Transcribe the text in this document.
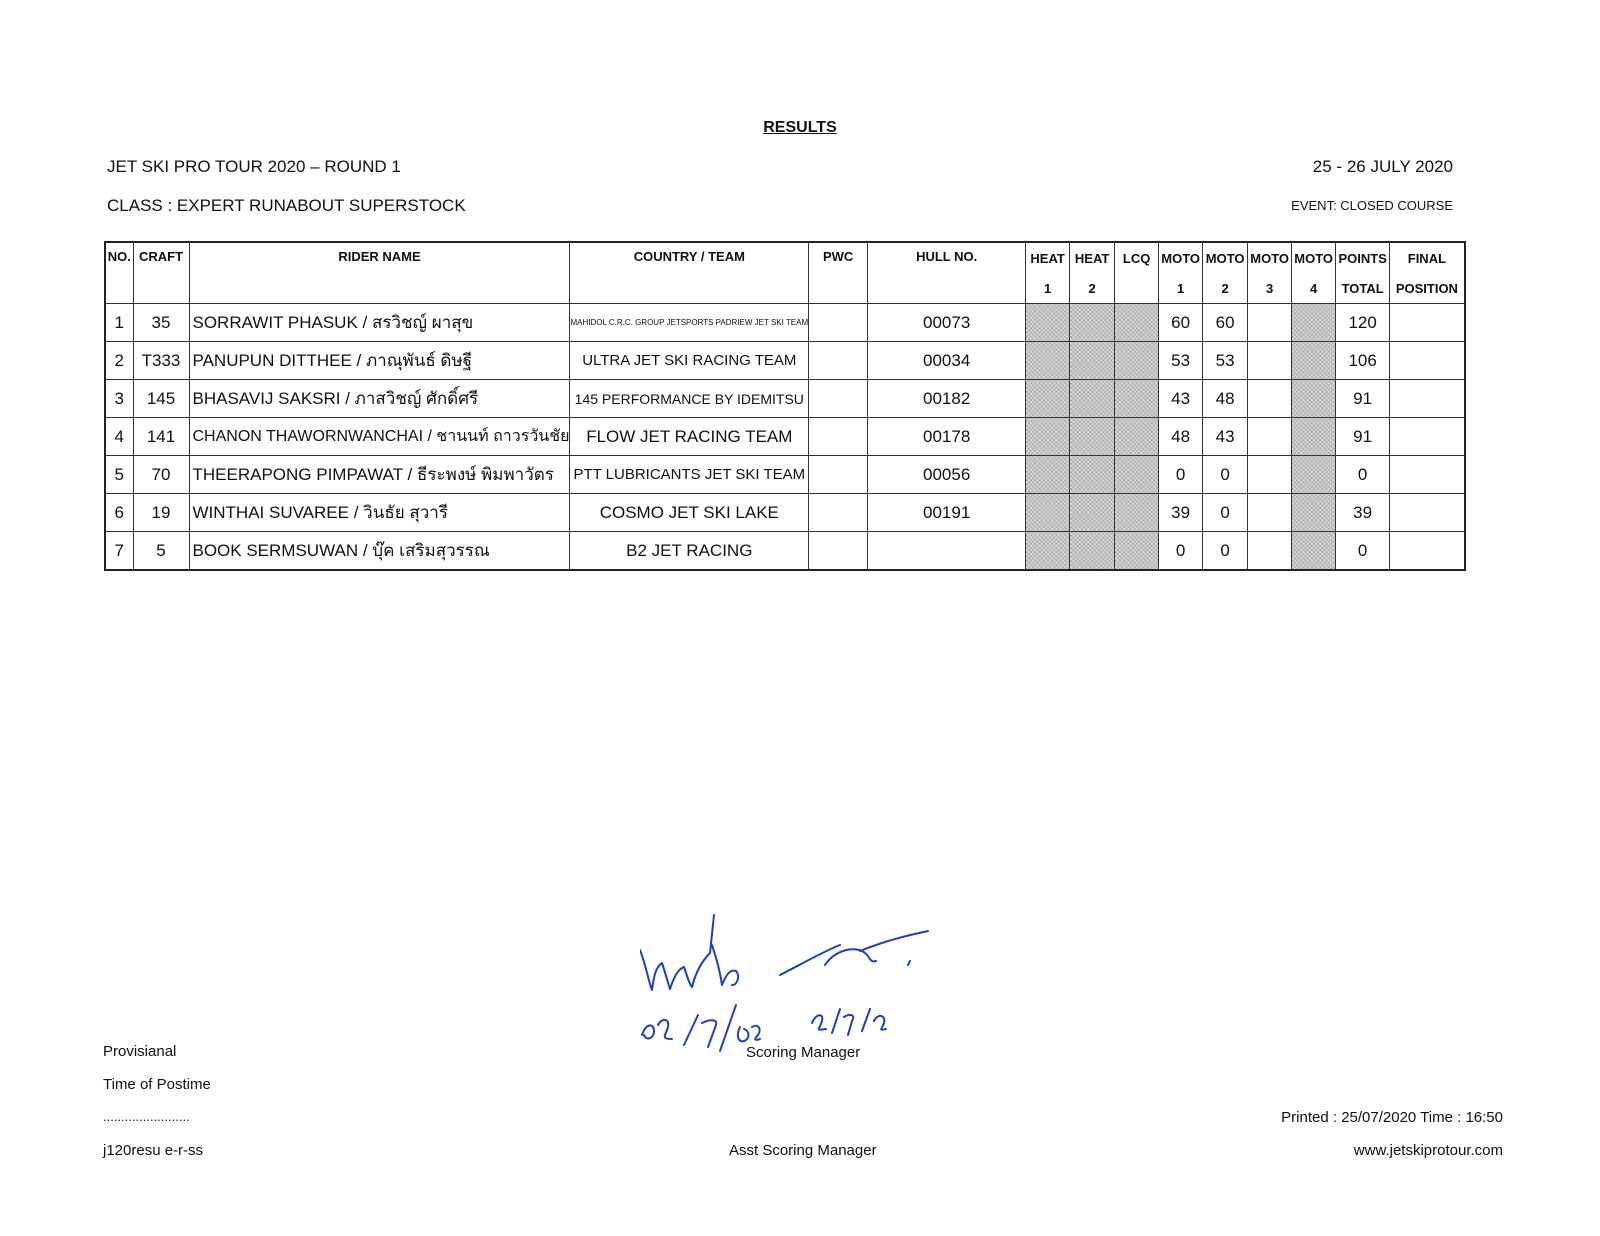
RESULTS
JET SKI PRO TOUR 2020 – ROUND 1	25 - 26 JULY 2020
CLASS : EXPERT RUNABOUT SUPERSTOCK	EVENT: CLOSED COURSE
NO.	CRAFT	RIDER NAME	COUNTRY / TEAM	PWC	HULL NO.	HEAT	HEAT	LCQ	MOTO	MOTO	MOTO	MOTO	POINTS	FINAL
						1	2		1	2	3	4	TOTAL	POSITION
1	35	SORRAWIT PHASUK / สรวิชญ์ ผาสุข	MAHIDOL C.R.C. GROUP JETSPORTS PADRIEW JET SKI TEAM		00073				60	60			120	
2	T333	PANUPUN DITTHEE / ภาณุพันธ์ ดิษฐี	ULTRA JET SKI RACING TEAM		00034				53	53			106	
3	145	BHASAVIJ SAKSRI / ภาสวิชญ์ ศักดิ์ศรี	145 PERFORMANCE BY IDEMITSU		00182				43	48			91	
4	141	CHANON THAWORNWANCHAI / ชานนท์ ถาวรวันชัย	FLOW JET RACING TEAM		00178				48	43			91	
5	70	THEERAPONG PIMPAWAT / ธีระพงษ์ พิมพาวัตร	PTT LUBRICANTS JET SKI TEAM		00056				0	0			0	
6	19	WINTHAI SUVAREE / วินธัย สุวารี	COSMO JET SKI LAKE		00191				39	0			39	
7	5	BOOK SERMSUWAN / บุ๊ค เสริมสุวรรณ	B2 JET RACING						0	0			0	
Provisianal	Scoring Manager
Time of Postime
........................	Printed : 25/07/2020 Time : 16:50
j120resu e-r-ss	Asst Scoring Manager	www.jetskiprotour.com
